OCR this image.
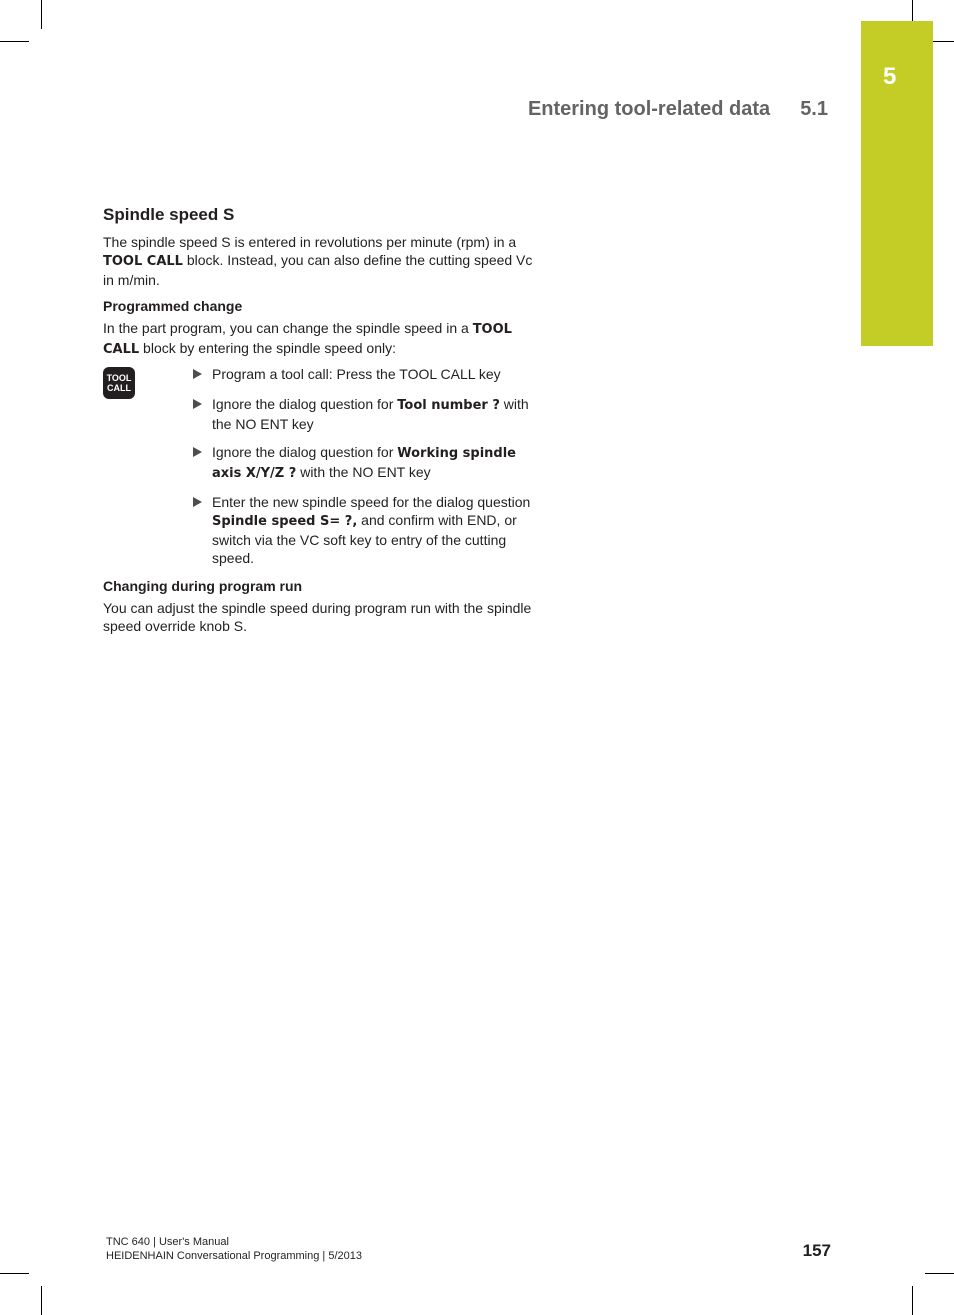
5
Entering tool-related data 5.1
Spindle speed S

The spindle speed S is entered in revolutions per minute (rpm) in a TOOL CALL block. Instead, you can also define the cutting speed Vc in m/min.

Programmed change

In the part program, you can change the spindle speed in a TOOL CALL block by entering the spindle speed only:

TOOL
CALL
Program a tool call: Press the TOOL CALL key
Ignore the dialog question for Tool number ? with the NO ENT key
Ignore the dialog question for Working spindle axis X/Y/Z ? with the NO ENT key
Enter the new spindle speed for the dialog question Spindle speed S= ?, and confirm with END, or switch via the VC soft key to entry of the cutting speed.
Changing during program run

You can adjust the spindle speed during program run with the spindle speed override knob S.

TNC 640 | User's Manual
HEIDENHAIN Conversational Programming | 5/2013	157
